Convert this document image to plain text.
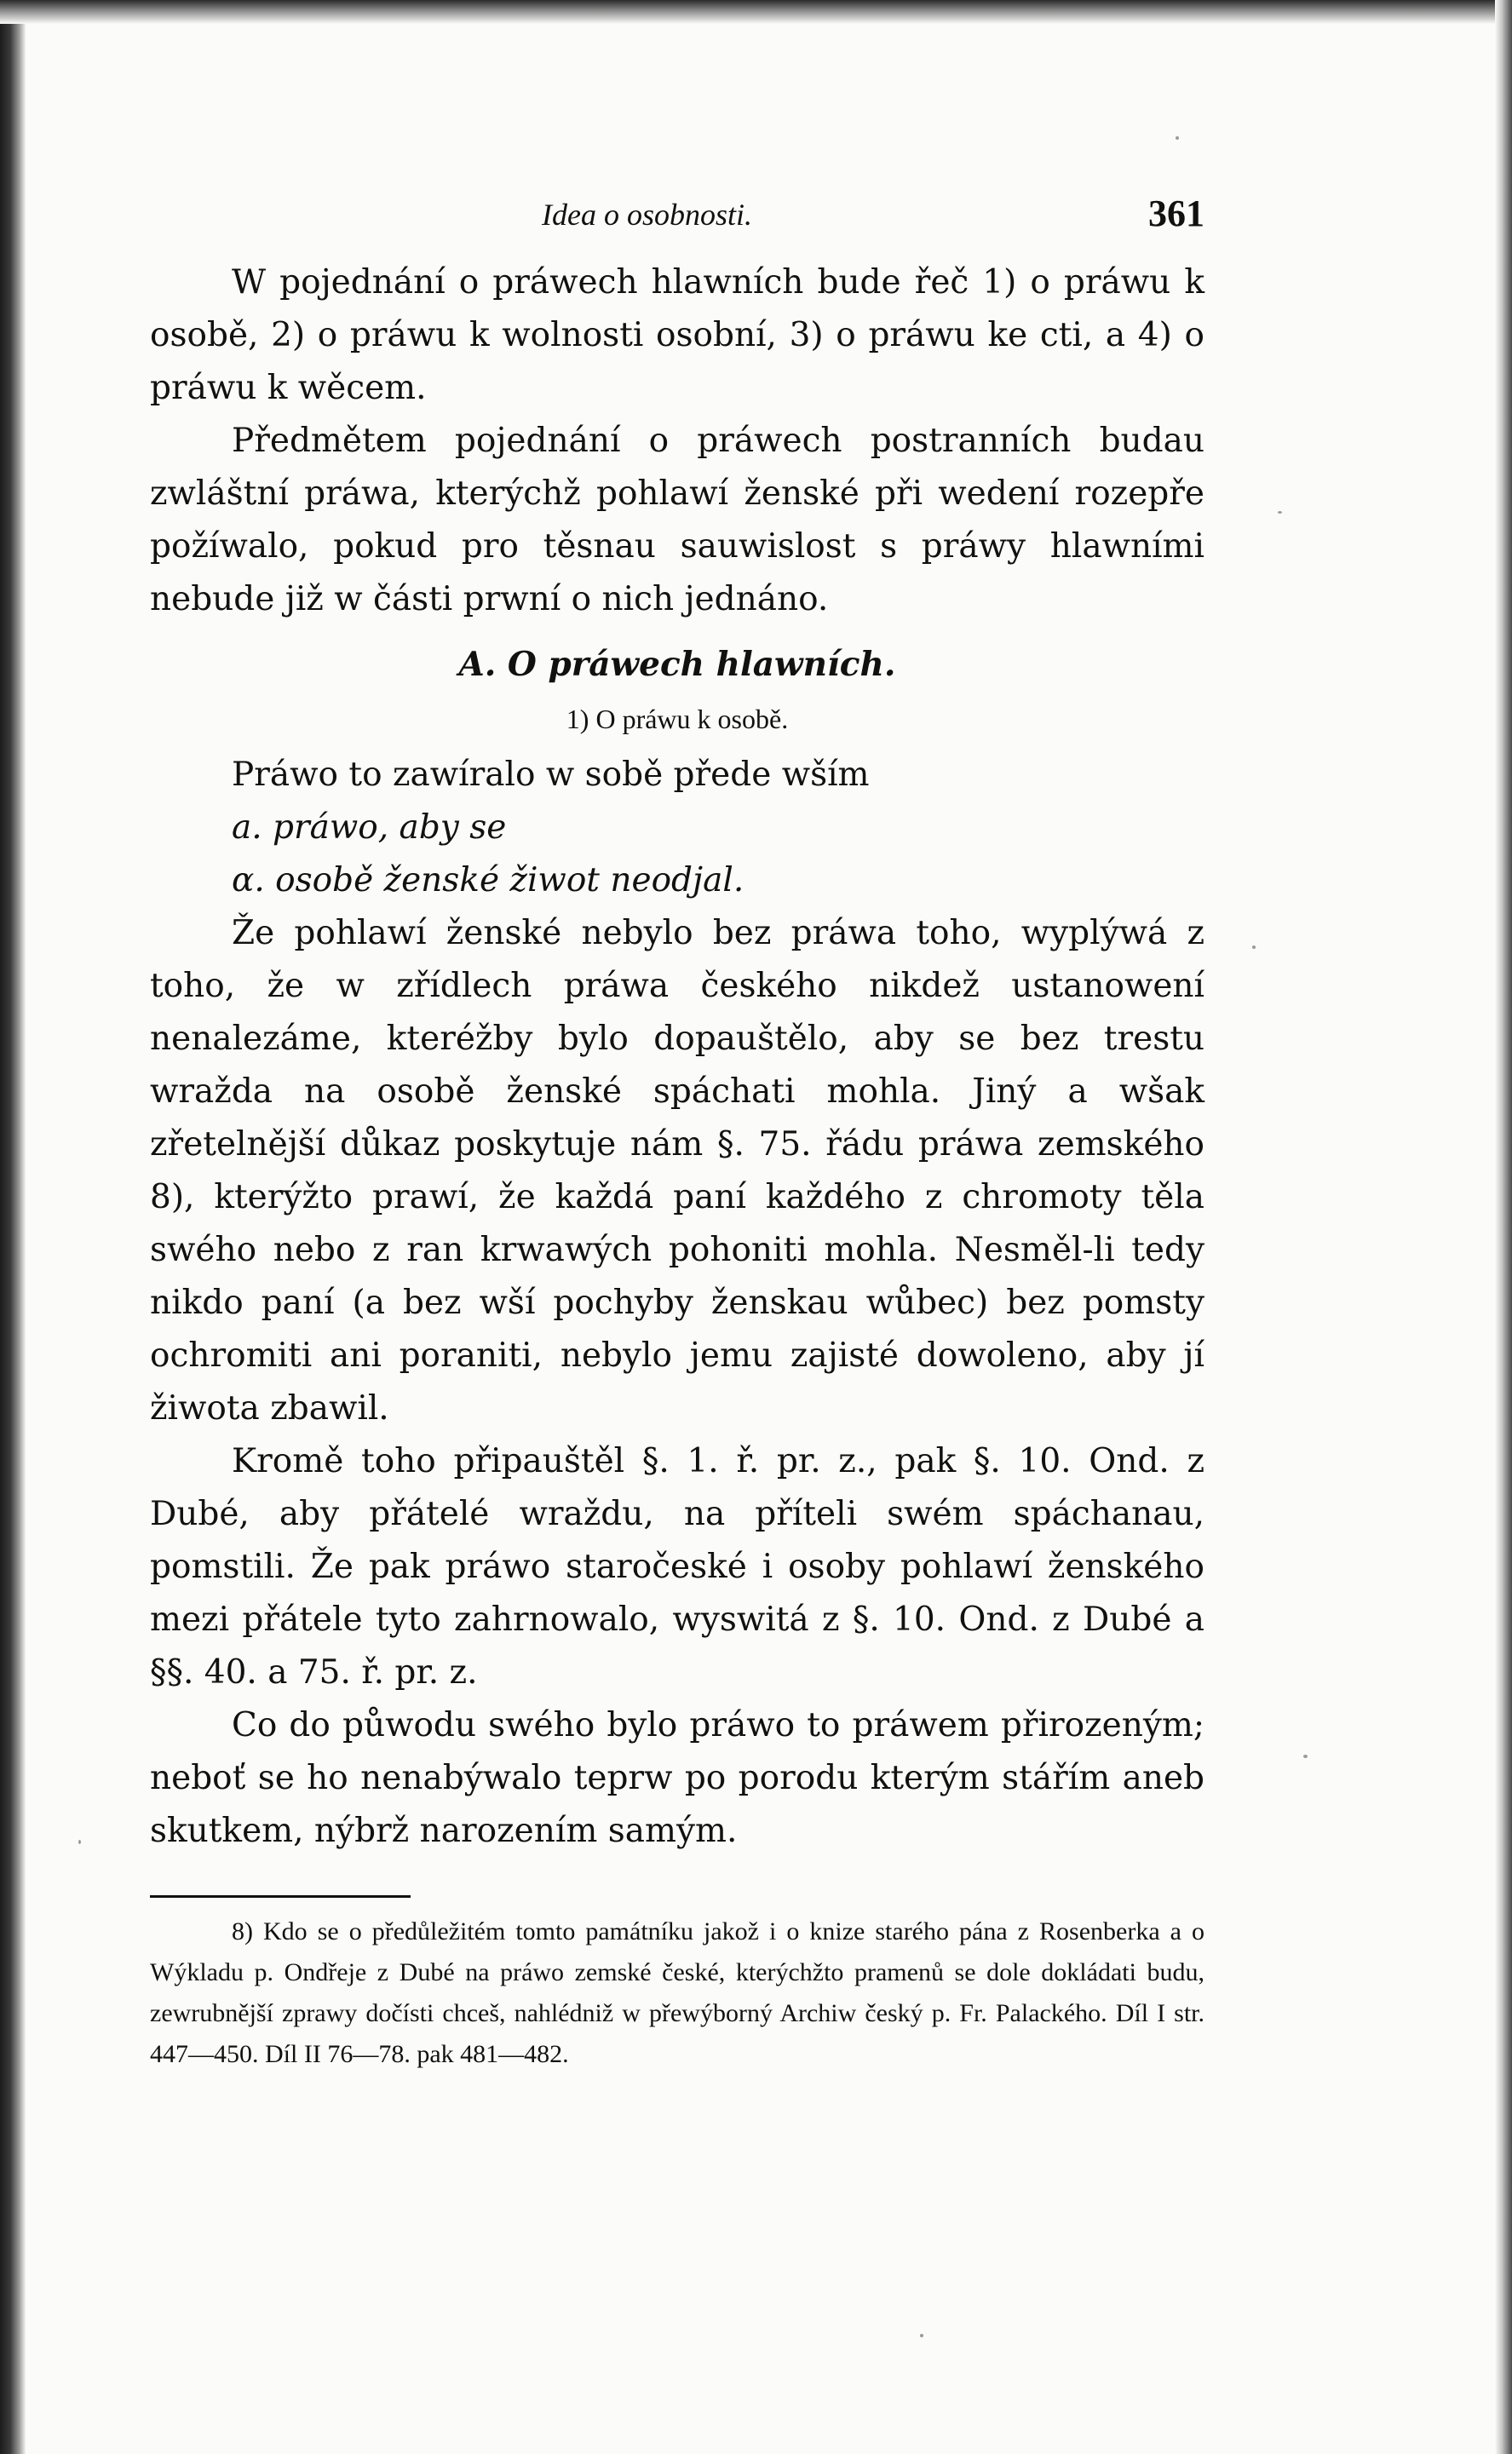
Idea o osobnosti.	361

W pojednání o práwech hlawních bude řeč 1) o práwu k osobě, 2) o práwu k wolnosti osobní, 3) o práwu ke cti, a 4) o práwu k wěcem.

Předmětem pojednání o práwech postranních budau zwláštní práwa, kterýchž pohlawí ženské při wedení rozepře požíwalo, pokud pro těsnau sauwislost s práwy hlawními nebude již w části prwní o nich jednáno.

A. O práwech hlawních.
1) O práwu k osobě.

Práwo to zawíralo w sobě přede wším

a. práwo, aby se

α. osobě ženské žiwot neodjal.

Že pohlawí ženské nebylo bez práwa toho, wyplýwá z toho, že w zřídlech práwa českého nikdež ustanowení nenalezáme, kteréžby bylo dopauštělo, aby se bez trestu wražda na osobě ženské spáchati mohla. Jiný a wšak zřetelnější důkaz poskytuje nám §. 75. řádu práwa zemského 8), kterýžto prawí, že každá paní každého z chromoty těla swého nebo z ran krwawých pohoniti mohla. Nesměl-li tedy nikdo paní (a bez wší pochyby ženskau wůbec) bez pomsty ochromiti ani poraniti, nebylo jemu zajisté dowoleno, aby jí žiwota zbawil.

Kromě toho připauštěl §. 1. ř. pr. z., pak §. 10. Ond. z Dubé, aby přátelé wraždu, na příteli swém spáchanau, pomstili. Že pak práwo staročeské i osoby pohlawí ženského mezi přátele tyto zahrnowalo, wyswitá z §. 10. Ond. z Dubé a §§. 40. a 75. ř. pr. z.

Co do půwodu swého bylo práwo to práwem přirozeným; neboť se ho nenabýwalo teprw po porodu kterým stářím aneb skutkem, nýbrž narozením samým.

8) Kdo se o předůležitém tomto památníku jakož i o knize starého pána z Rosenberka a o Wýkladu p. Ondřeje z Dubé na práwo zemské české, kterýchžto pramenů se dole dokládati budu, zewrubnější zprawy dočísti chceš, nahlédniž w přewýborný Archiw český p. Fr. Palackého. Díl I str. 447—450. Díl II 76—78. pak 481—482.
